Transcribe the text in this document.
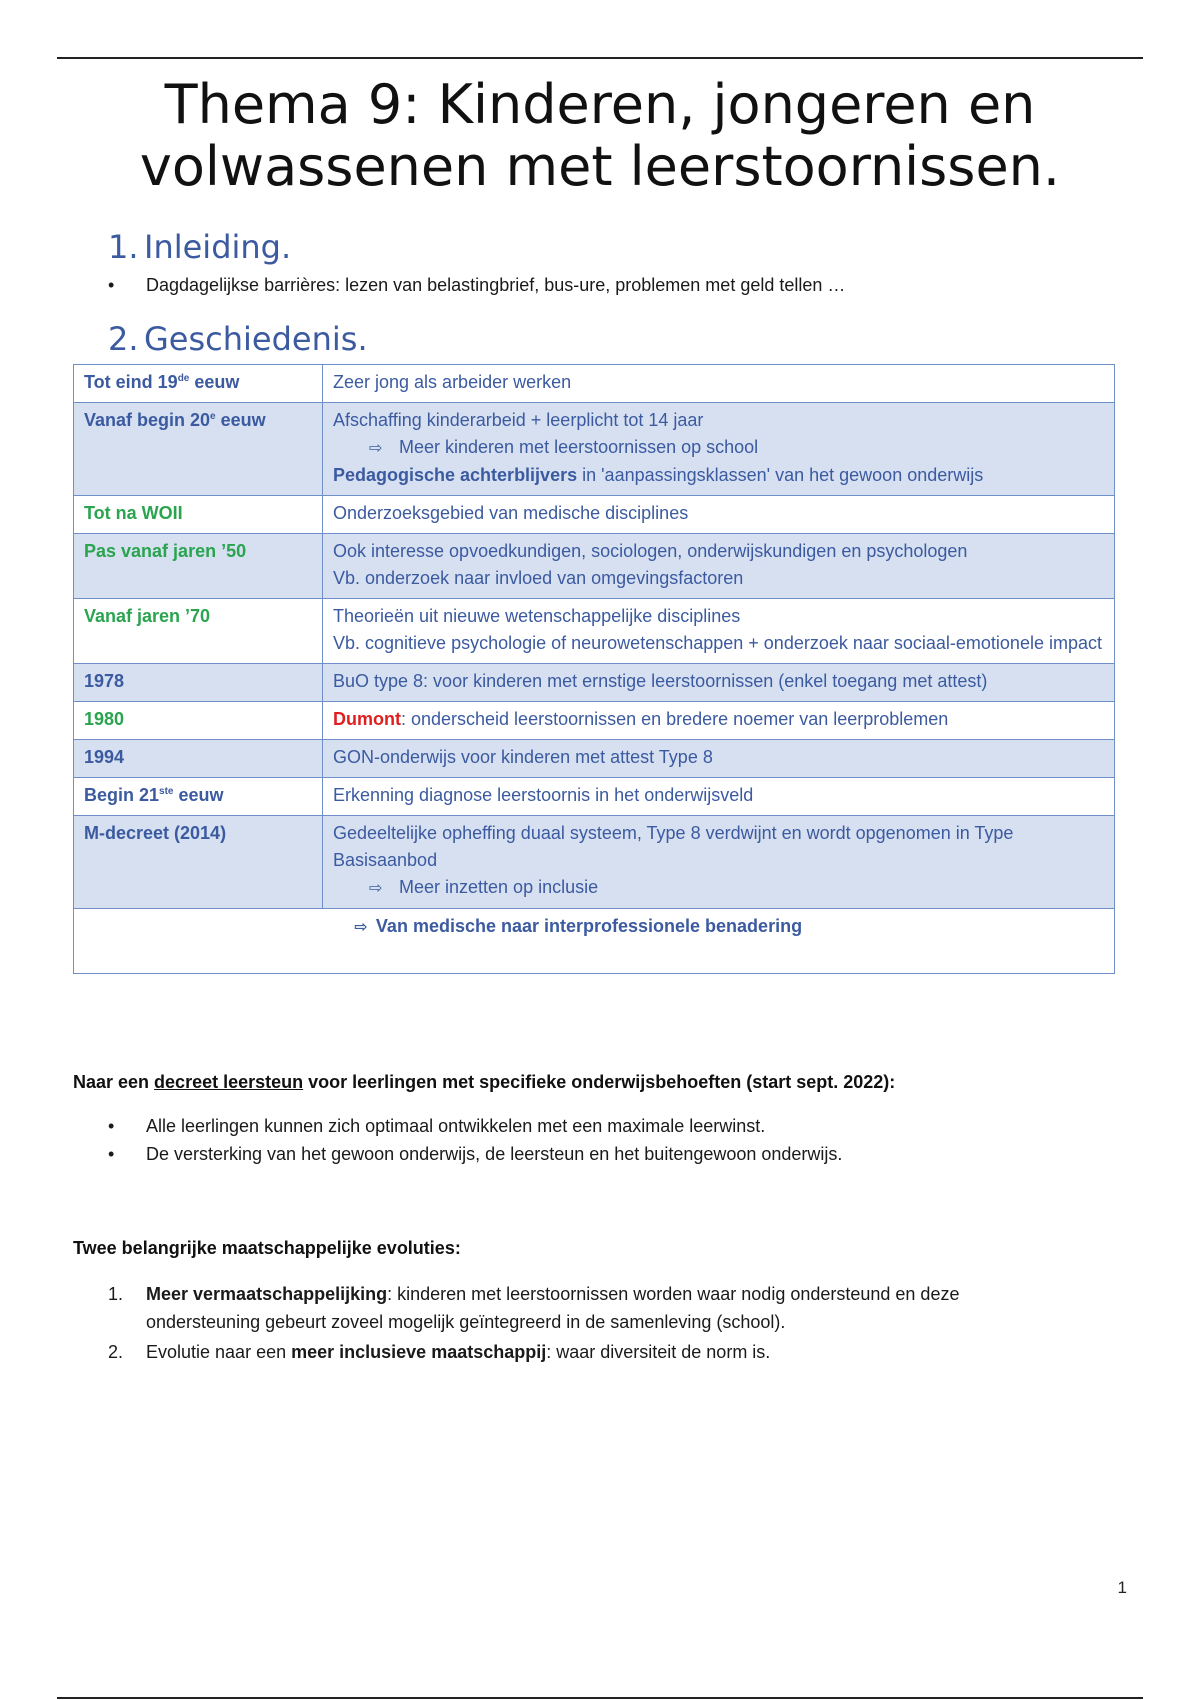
Thema 9: Kinderen, jongeren en volwassenen met leerstoornissen.
1. Inleiding.
• Dagdagelijkse barrières: lezen van belastingbrief, bus-ure, problemen met geld tellen …
2. Geschiedenis.
Tot eind 19de eeuw	Zeer jong als arbeider werken
Vanaf begin 20e eeuw	Afschaffing kinderarbeid + leerplicht tot 14 jaar
⇨ Meer kinderen met leerstoornissen op school
Pedagogische achterblijvers in 'aanpassingsklassen' van het gewoon onderwijs

Tot na WOII	Onderzoeksgebied van medische disciplines
Pas vanaf jaren ’50	Ook interesse opvoedkundigen, sociologen, onderwijskundigen en psychologen
Vb. onderzoek naar invloed van omgevingsfactoren

Vanaf jaren ’70	Theorieën uit nieuwe wetenschappelijke disciplines
Vb. cognitieve psychologie of neurowetenschappen + onderzoek naar sociaal-emotionele impact

1978	BuO type 8: voor kinderen met ernstige leerstoornissen (enkel toegang met attest)
1980	Dumont: onderscheid leerstoornissen en bredere noemer van leerproblemen
1994	GON-onderwijs voor kinderen met attest Type 8
Begin 21ste eeuw	Erkenning diagnose leerstoornis in het onderwijsveld
M-decreet (2014)	Gedeeltelijke opheffing duaal systeem, Type 8 verdwijnt en wordt opgenomen in Type Basisaanbod
⇨ Meer inzetten op inclusie
⇨ Van medische naar interprofessionele benadering	

Naar een decreet leersteun voor leerlingen met specifieke onderwijsbehoeften (start sept. 2022):

• Alle leerlingen kunnen zich optimaal ontwikkelen met een maximale leerwinst.
• De versterking van het gewoon onderwijs, de leersteun en het buitengewoon onderwijs.

Twee belangrijke maatschappelijke evoluties:

1. Meer vermaatschappelijking: kinderen met leerstoornissen worden waar nodig ondersteund en deze ondersteuning gebeurt zoveel mogelijk geïntegreerd in de samenleving (school).
2. Evolutie naar een meer inclusieve maatschappij: waar diversiteit de norm is.
1
